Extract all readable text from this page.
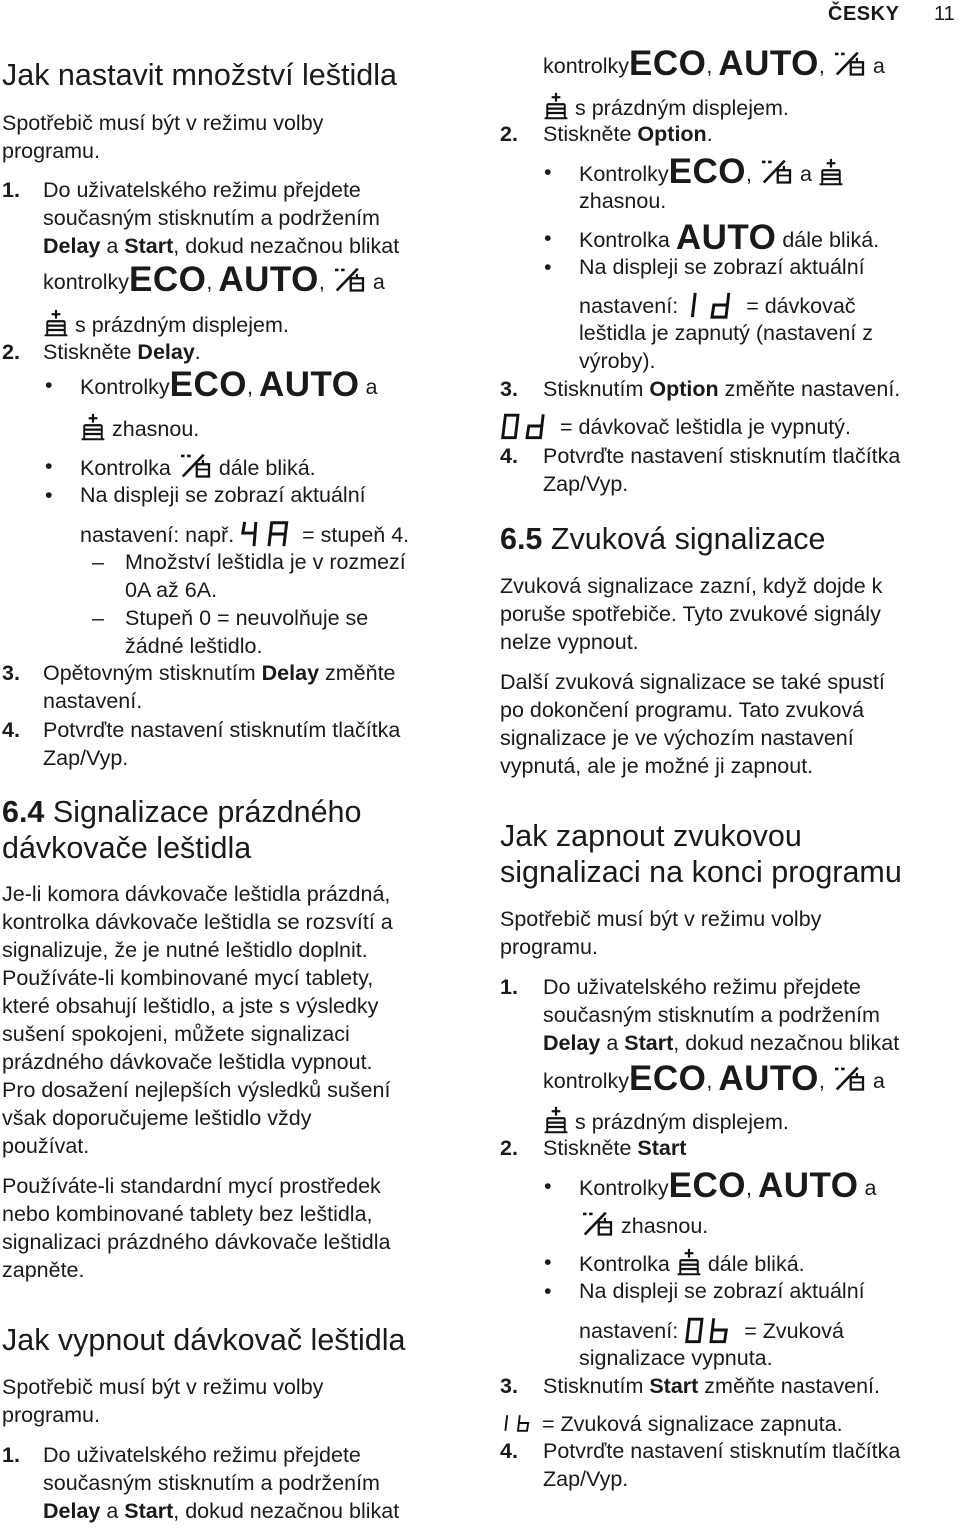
ČESKY 11
Jak nastavit množství leštidla
Spotřebič musí být v režimu volby
programu.
1. Do uživatelského režimu přejdete
současným stisknutím a podržením
Delay a Start, dokud nezačnou blikat
kontrolkyECO, AUTO, a
s prázdným displejem.
2. Stiskněte Delay.
• KontrolkyECO, AUTO a
zhasnou.
• Kontrolka dále bliká.
• Na displeji se zobrazí aktuální
nastavení: např.	= stupeň 4.
– Množství leštidla je v rozmezí
0A až 6A.
– Stupeň 0 = neuvolňuje se
žádné leštidlo.
3. Opětovným stisknutím Delay změňte
nastavení.
4. Potvrďte nastavení stisknutím tlačítka
Zap/Vyp.
6.4 Signalizace prázdného
dávkovače leštidla
Je-li komora dávkovače leštidla prázdná,
kontrolka dávkovače leštidla se rozsvítí a
signalizuje, že je nutné leštidlo doplnit.
Používáte-li kombinované mycí tablety,
které obsahují leštidlo, a jste s výsledky
sušení spokojeni, můžete signalizaci
prázdného dávkovače leštidla vypnout.
Pro dosažení nejlepších výsledků sušení
však doporučujeme leštidlo vždy
používat.
Používáte-li standardní mycí prostředek
nebo kombinované tablety bez leštidla,
signalizaci prázdného dávkovače leštidla
zapněte.
Jak vypnout dávkovač leštidla
Spotřebič musí být v režimu volby
programu.
1. Do uživatelského režimu přejdete
současným stisknutím a podržením
Delay a Start, dokud nezačnou blikat
kontrolkyECO, AUTO, a
s prázdným displejem.
2. Stiskněte Option.
• KontrolkyECO, a
zhasnou.
• Kontrolka AUTO dále bliká.
• Na displeji se zobrazí aktuální
nastavení:	= dávkovač
leštidla je zapnutý (nastavení z
výroby).
3. Stisknutím Option změňte nastavení.
= dávkovač leštidla je vypnutý.
4. Potvrďte nastavení stisknutím tlačítka
Zap/Vyp.
6.5 Zvuková signalizace
Zvuková signalizace zazní, když dojde k
poruše spotřebiče. Tyto zvukové signály
nelze vypnout.
Další zvuková signalizace se také spustí
po dokončení programu. Tato zvuková
signalizace je ve výchozím nastavení
vypnutá, ale je možné ji zapnout.
Jak zapnout zvukovou
signalizaci na konci programu
Spotřebič musí být v režimu volby
programu.
1. Do uživatelského režimu přejdete
současným stisknutím a podržením
Delay a Start, dokud nezačnou blikat
kontrolkyECO, AUTO, a
s prázdným displejem.
2. Stiskněte Start
• KontrolkyECO, AUTO a
zhasnou.
• Kontrolka dále bliká.
• Na displeji se zobrazí aktuální
nastavení:	= Zvuková
signalizace vypnuta.
3. Stisknutím Start změňte nastavení.
= Zvuková signalizace zapnuta.
4. Potvrďte nastavení stisknutím tlačítka
Zap/Vyp.
